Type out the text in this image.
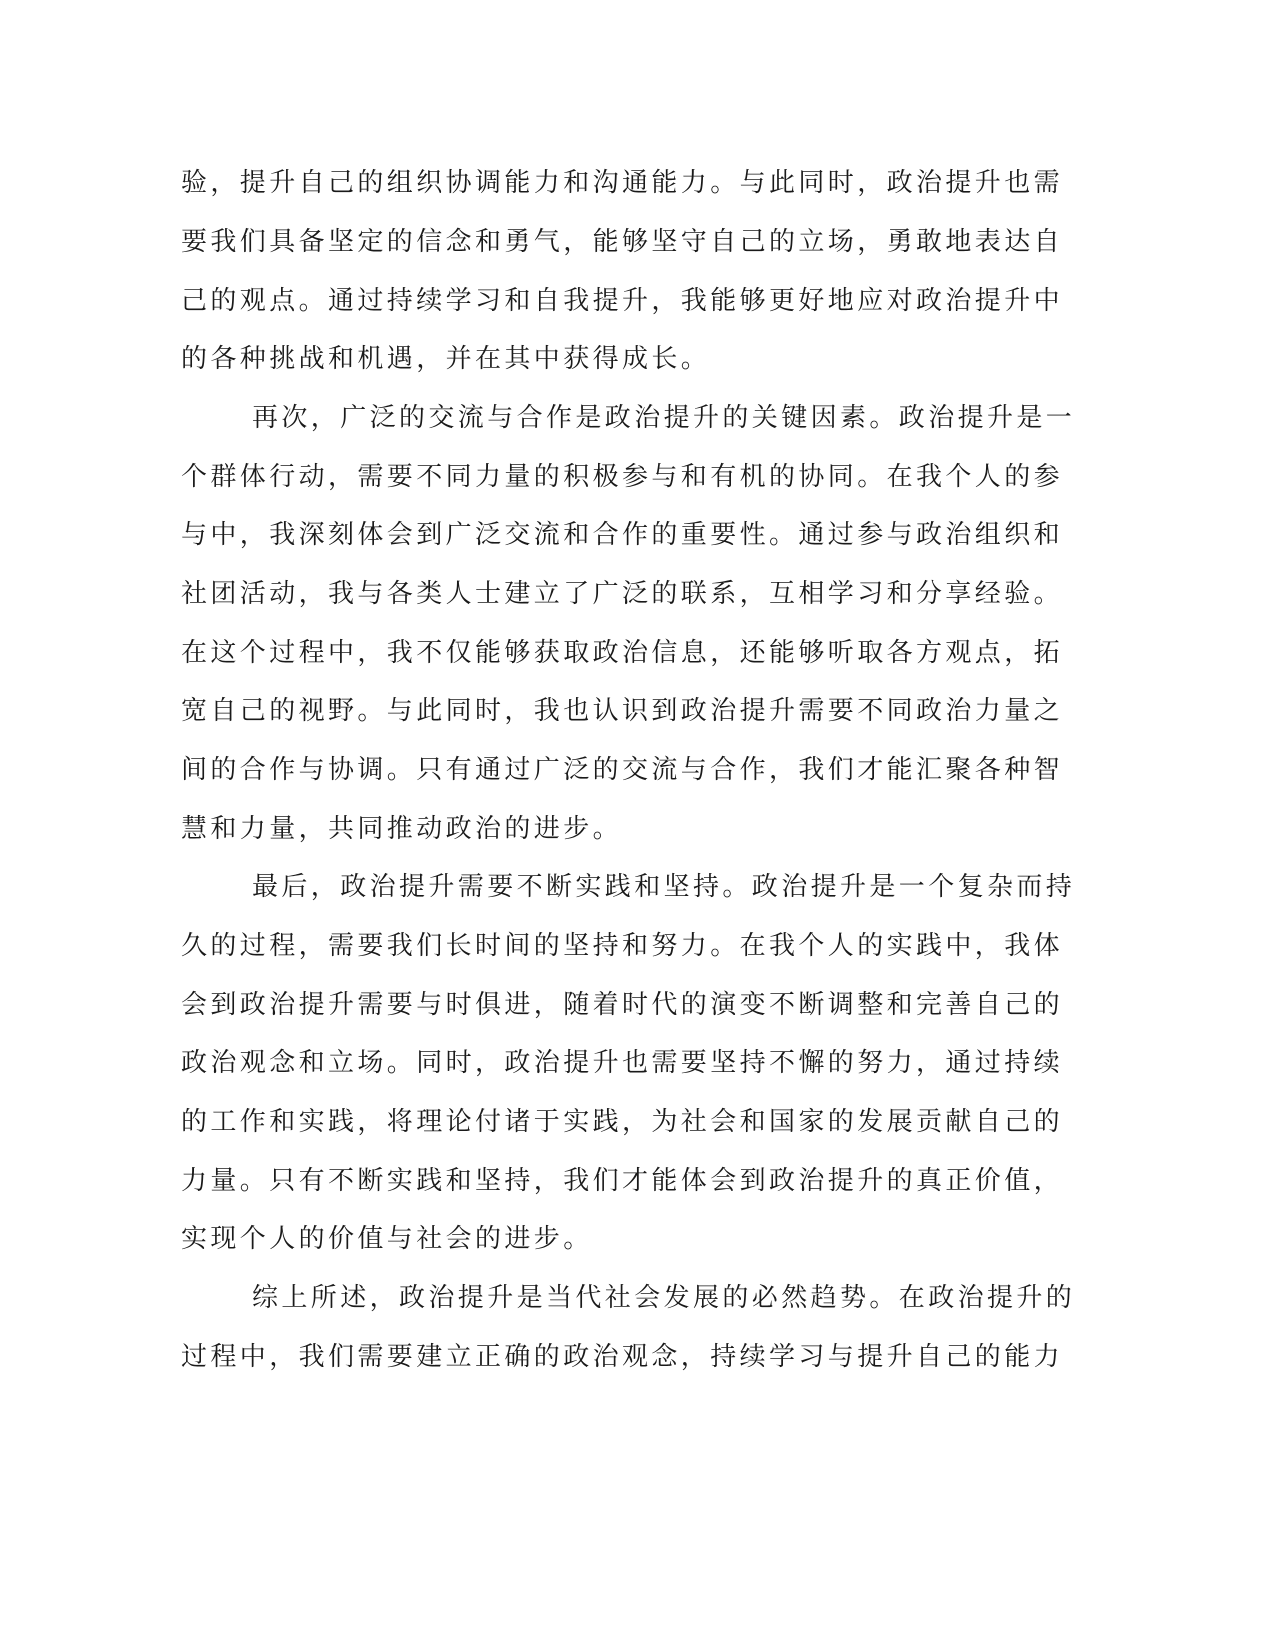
验，提升自己的组织协调能力和沟通能力。与此同时，政治提升也需

要我们具备坚定的信念和勇气，能够坚守自己的立场，勇敢地表达自

己的观点。通过持续学习和自我提升，我能够更好地应对政治提升中

的各种挑战和机遇，并在其中获得成长。

再次，广泛的交流与合作是政治提升的关键因素。政治提升是一

个群体行动，需要不同力量的积极参与和有机的协同。在我个人的参

与中，我深刻体会到广泛交流和合作的重要性。通过参与政治组织和

社团活动，我与各类人士建立了广泛的联系，互相学习和分享经验。

在这个过程中，我不仅能够获取政治信息，还能够听取各方观点，拓

宽自己的视野。与此同时，我也认识到政治提升需要不同政治力量之

间的合作与协调。只有通过广泛的交流与合作，我们才能汇聚各种智

慧和力量，共同推动政治的进步。

最后，政治提升需要不断实践和坚持。政治提升是一个复杂而持

久的过程，需要我们长时间的坚持和努力。在我个人的实践中，我体

会到政治提升需要与时俱进，随着时代的演变不断调整和完善自己的

政治观念和立场。同时，政治提升也需要坚持不懈的努力，通过持续

的工作和实践，将理论付诸于实践，为社会和国家的发展贡献自己的

力量。只有不断实践和坚持，我们才能体会到政治提升的真正价值，

实现个人的价值与社会的进步。

综上所述，政治提升是当代社会发展的必然趋势。在政治提升的

过程中，我们需要建立正确的政治观念，持续学习与提升自己的能力
